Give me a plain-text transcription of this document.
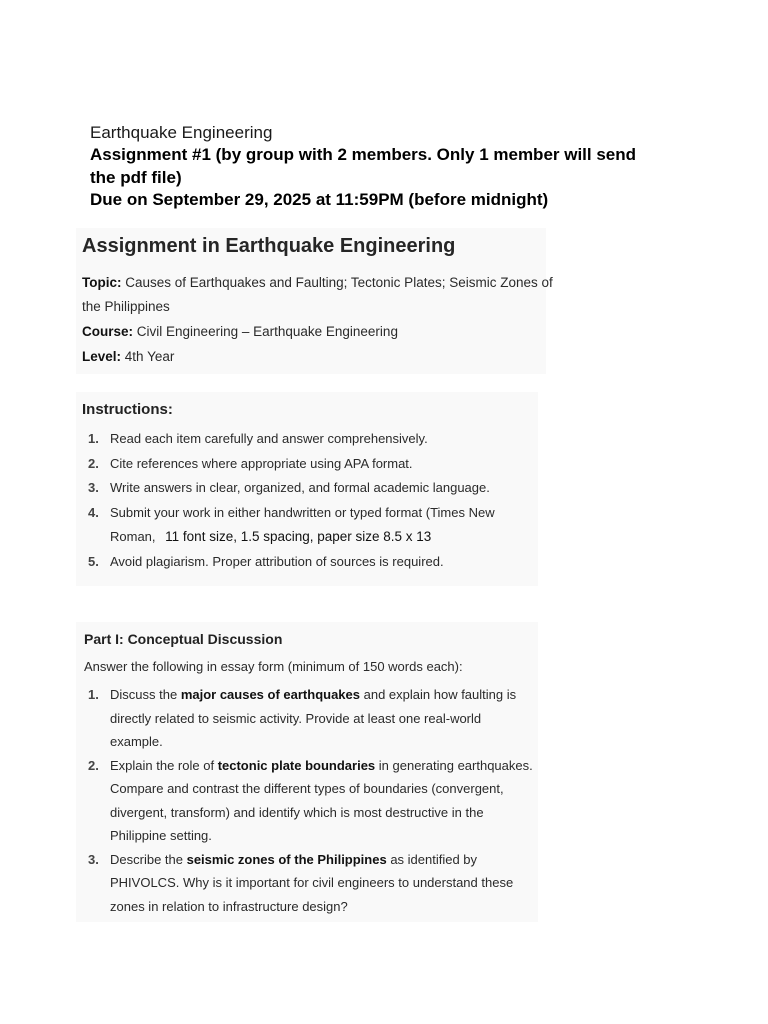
Earthquake Engineering
Assignment #1 (by group with 2 members. Only 1 member will send
the pdf file)
Due on September 29, 2025 at 11:59PM (before midnight)
Assignment in Earthquake Engineering
Topic: Causes of Earthquakes and Faulting; Tectonic Plates; Seismic Zones of
the Philippines
Course: Civil Engineering – Earthquake Engineering
Level: 4th Year
Instructions:
1. Read each item carefully and answer comprehensively.
2. Cite references where appropriate using APA format.
3. Write answers in clear, organized, and formal academic language.
4. Submit your work in either handwritten or typed format (Times New
Roman, 11 font size, 1.5 spacing, paper size 8.5 x 13
5. Avoid plagiarism. Proper attribution of sources is required.
Part I: Conceptual Discussion
Answer the following in essay form (minimum of 150 words each):
1. Discuss the major causes of earthquakes and explain how faulting is
directly related to seismic activity. Provide at least one real-world
example.
2. Explain the role of tectonic plate boundaries in generating earthquakes.
Compare and contrast the different types of boundaries (convergent,
divergent, transform) and identify which is most destructive in the
Philippine setting.
3. Describe the seismic zones of the Philippines as identified by
PHIVOLCS. Why is it important for civil engineers to understand these
zones in relation to infrastructure design?
